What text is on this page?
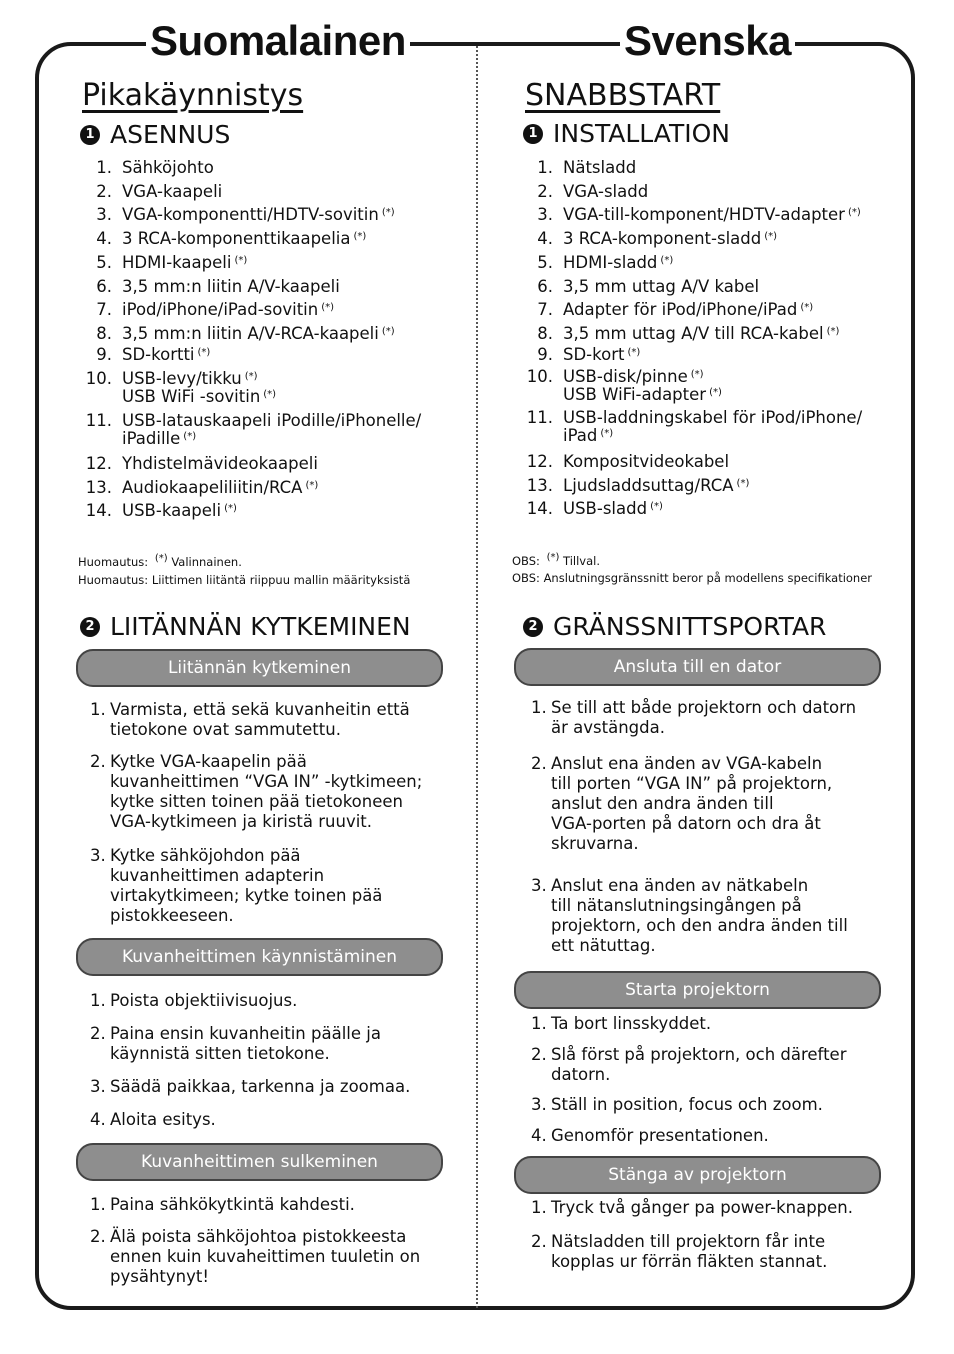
Suomalainen	Svenska
Pikakäynnistys
1 ASENNUS
1. Sähköjohto
2. VGA-kaapeli
3. VGA-komponentti/HDTV-sovitin (*)
4. 3 RCA-komponenttikaapelia (*)
5. HDMI-kaapeli (*)
6. 3,5 mm:n liitin A/V-kaapeli
7. iPod/iPhone/iPad-sovitin (*)
8. 3,5 mm:n liitin A/V-RCA-kaapeli (*)
9. SD-kortti (*)
10. USB-levy/tikku (*)
USB WiFi -sovitin (*)
11. USB-latauskaapeli iPodille/iPhonelle/
iPadille (*)
12. Yhdistelmävideokaapeli
13. Audiokaapeliliitin/RCA (*)
14. USB-kaapeli (*)
Huomautus: (*) Valinnainen.
Huomautus: Liittimen liitäntä riippuu mallin määrityksistä
2 LIITÄNNÄN KYTKEMINEN
Liitännän kytkeminen
1. Varmista, että sekä kuvanheitin että
tietokone ovat sammutettu.
2. Kytke VGA-kaapelin pää
kuvanheittimen “VGA IN” -kytkimeen;
kytke sitten toinen pää tietokoneen
VGA-kytkimeen ja kiristä ruuvit.
3. Kytke sähköjohdon pää
kuvanheittimen adapterin
virtakytkimeen; kytke toinen pää
pistokkeeseen.
Kuvanheittimen käynnistäminen
1. Poista objektiivisuojus.
2. Paina ensin kuvanheitin päälle ja
käynnistä sitten tietokone.
3. Säädä paikkaa, tarkenna ja zoomaa.
4. Aloita esitys.
Kuvanheittimen sulkeminen
1. Paina sähkökytkintä kahdesti.
2. Älä poista sähköjohtoa pistokkeesta
ennen kuin kuvaheittimen tuuletin on
pysähtynyt!
SNABBSTART
1 INSTALLATION
1. Nätsladd
2. VGA-sladd
3. VGA-till-komponent/HDTV-adapter (*)
4. 3 RCA-komponent-sladd (*)
5. HDMI-sladd (*)
6. 3,5 mm uttag A/V kabel
7. Adapter för iPod/iPhone/iPad (*)
8. 3,5 mm uttag A/V till RCA-kabel (*)
9. SD-kort (*)
10. USB-disk/pinne (*)
USB WiFi-adapter (*)
11. USB-laddningskabel för iPod/iPhone/
iPad (*)
12. Kompositvideokabel
13. Ljudsladdsuttag/RCA (*)
14. USB-sladd (*)
OBS: (*) Tillval.
OBS: Anslutningsgränssnitt beror på modellens specifikationer
2 GRÄNSSNITTSPORTAR
Ansluta till en dator
1. Se till att både projektorn och datorn
är avstängda.
2. Anslut ena änden av VGA-kabeln
till porten “VGA IN” på projektorn,
anslut den andra änden till
VGA-porten på datorn och dra åt
skruvarna.
3. Anslut ena änden av nätkabeln
till nätanslutningsingången på
projektorn, och den andra änden till
ett nätuttag.
Starta projektorn
1. Ta bort linsskyddet.
2. Slå först på projektorn, och därefter
datorn.
3. Ställ in position, focus och zoom.
4. Genomför presentationen.
Stänga av projektorn
1. Tryck två gånger pa power-knappen.
2. Nätsladden till projektorn får inte
kopplas ur förrän fläkten stannat.
